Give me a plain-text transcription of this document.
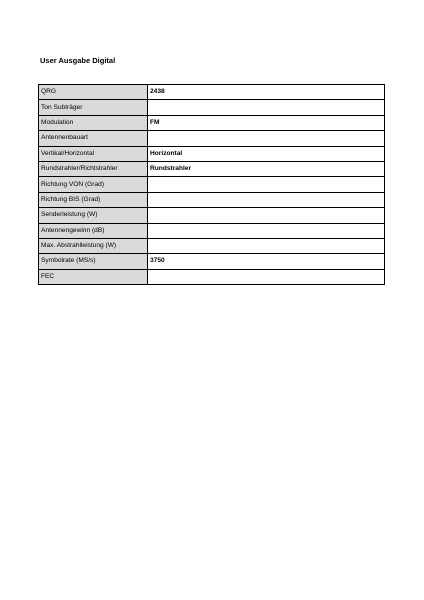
User Ausgabe Digital
QRG	2438
Ton Subträger	
Modulation	FM
Antennenbauart	
Vertikal/Horizontal	Horizontal
Rundstrahler/Richtstrahler	Rundstrahler
Richtung VON (Grad)	
Richtung BIS (Grad)	
Senderleistung (W)	
Antennengewinn (dB)	
Max. Abstrahlleistung (W)	
Symbolrate (MS/s)	3750
FEC	
